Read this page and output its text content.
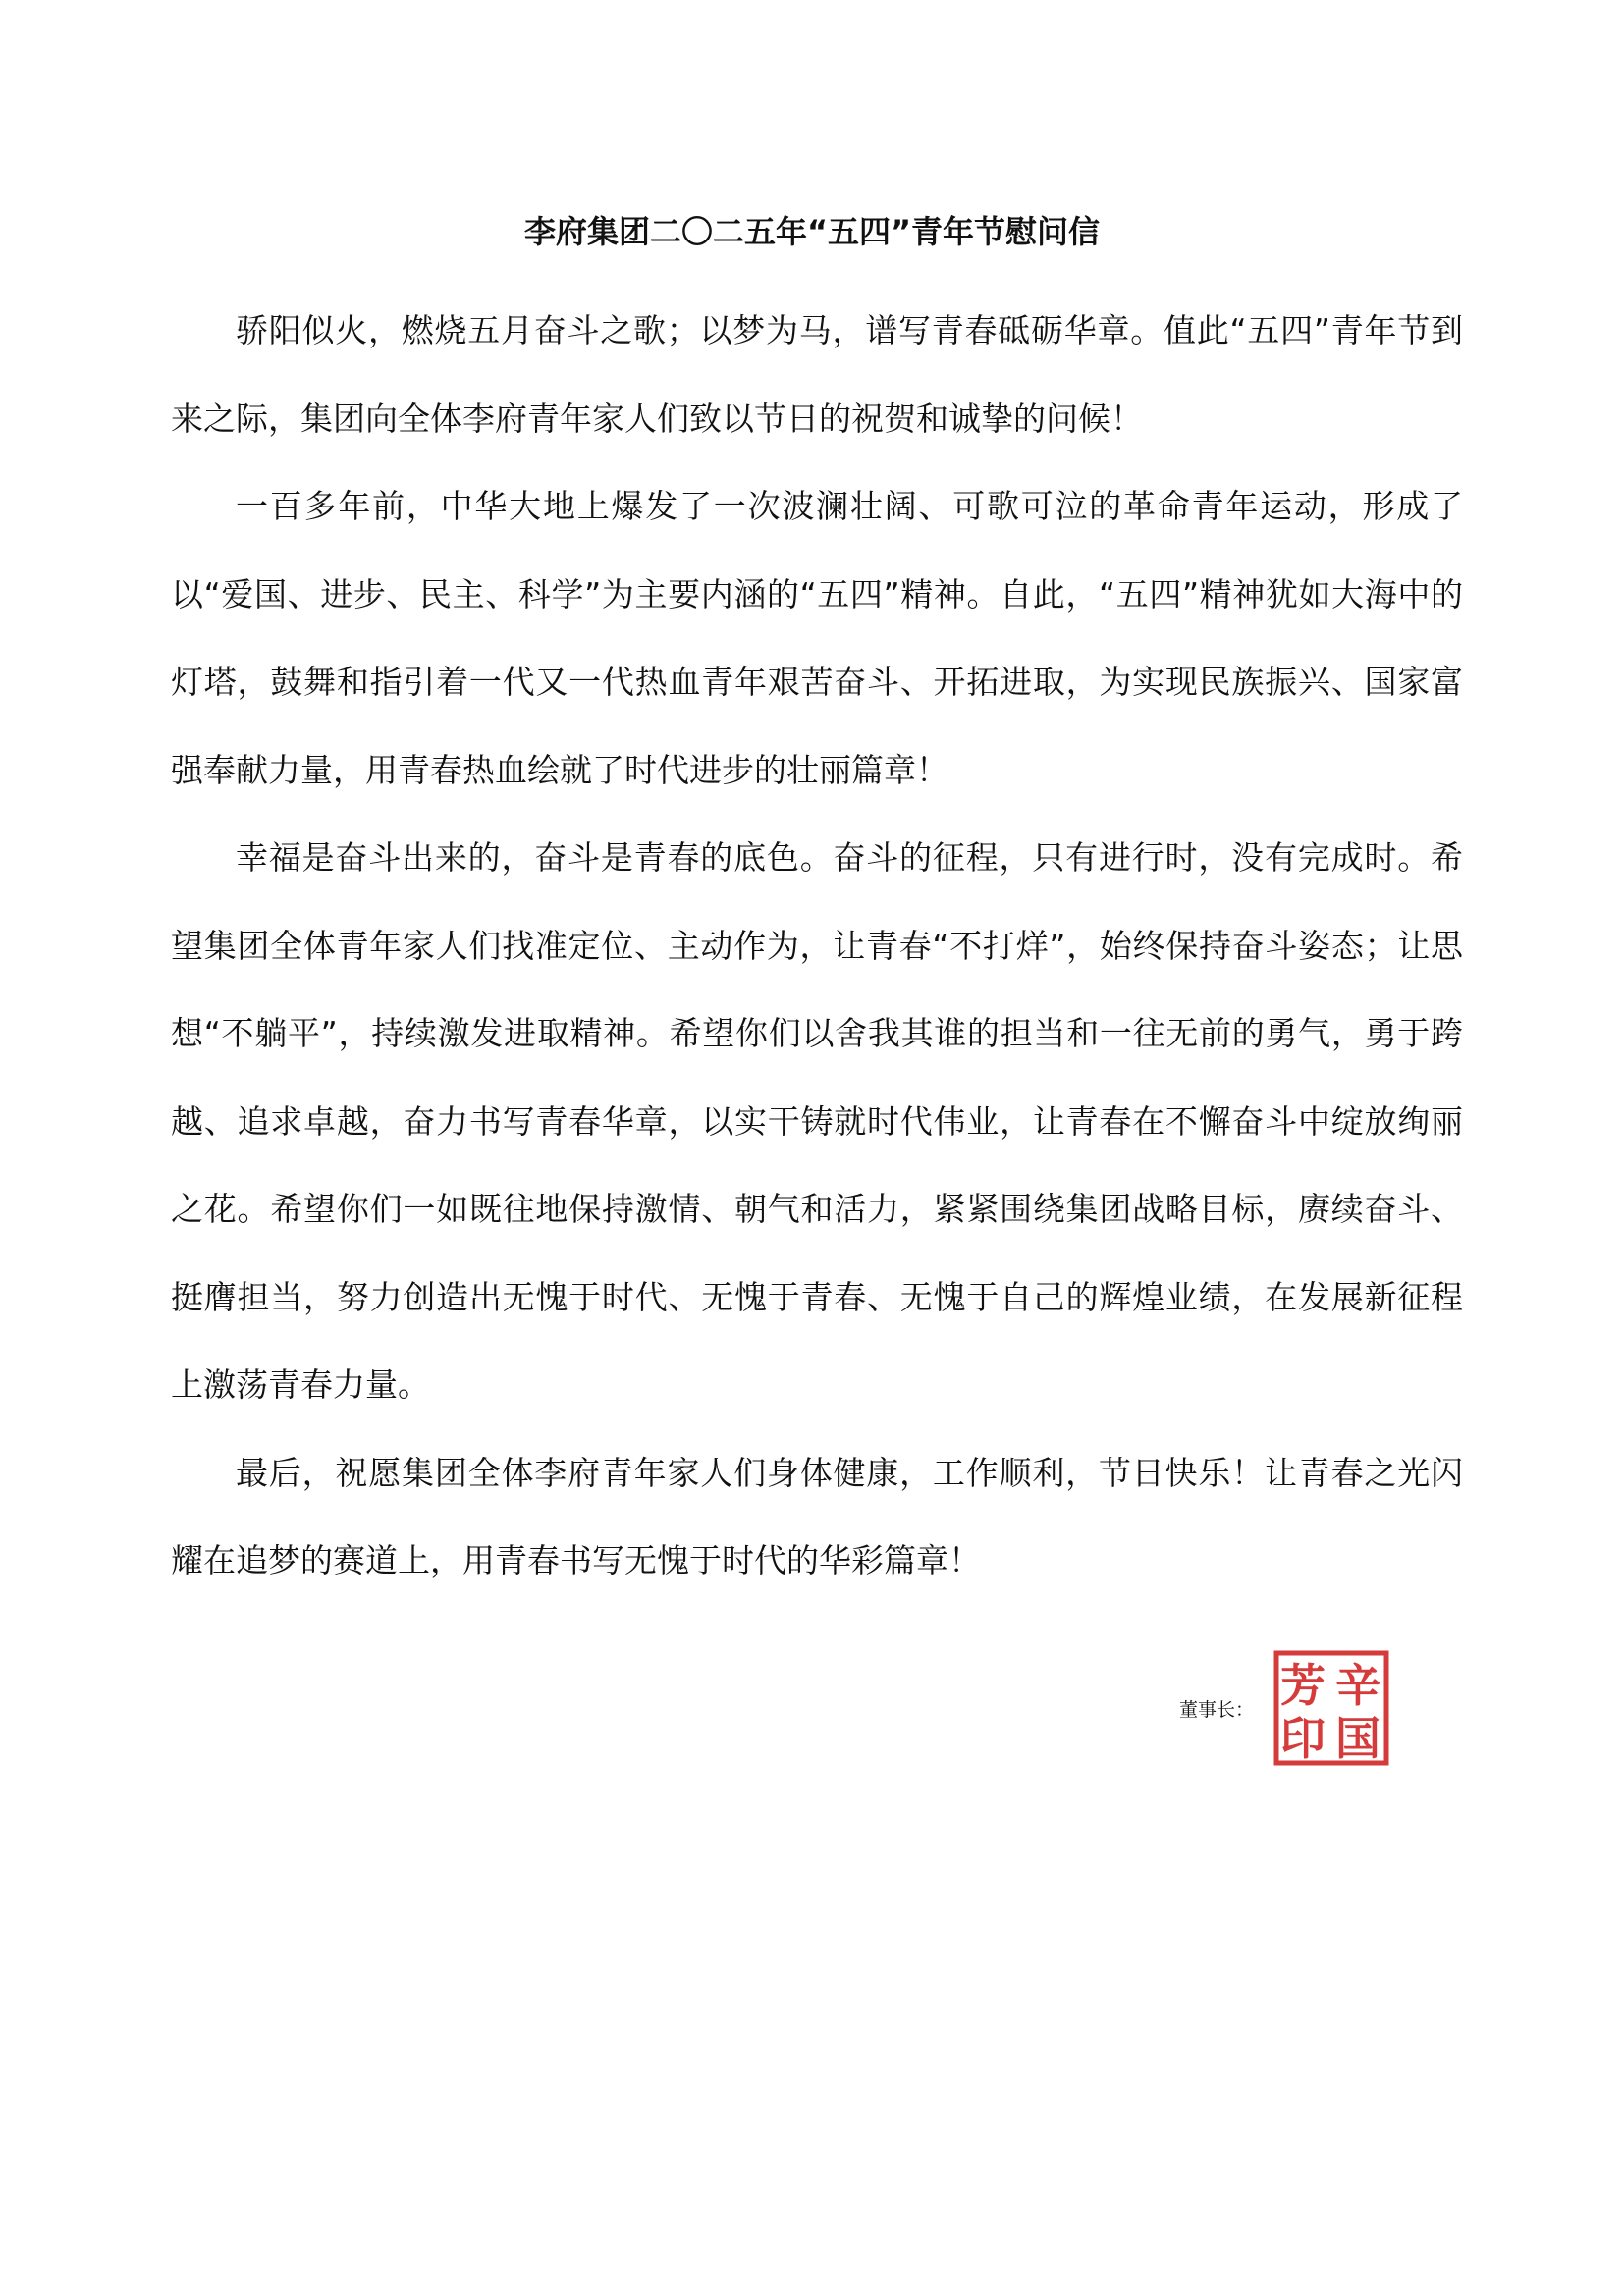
李府集团二〇二五年“五四”青年节慰问信

骄阳似火，燃烧五月奋斗之歌；以梦为马，谱写青春砥砺华章。值此“五四”青年节到来之际，集团向全体李府青年家人们致以节日的祝贺和诚挚的问候！

一百多年前，中华大地上爆发了一次波澜壮阔、可歌可泣的革命青年运动，形成了以“爱国、进步、民主、科学”为主要内涵的“五四”精神。自此，“五四”精神犹如大海中的灯塔，鼓舞和指引着一代又一代热血青年艰苦奋斗、开拓进取，为实现民族振兴、国家富强奉献力量，用青春热血绘就了时代进步的壮丽篇章！

幸福是奋斗出来的，奋斗是青春的底色。奋斗的征程，只有进行时，没有完成时。希望集团全体青年家人们找准定位、主动作为，让青春“不打烊”，始终保持奋斗姿态；让思想“不躺平”，持续激发进取精神。希望你们以舍我其谁的担当和一往无前的勇气，勇于跨越、追求卓越，奋力书写青春华章，以实干铸就时代伟业，让青春在不懈奋斗中绽放绚丽之花。希望你们一如既往地保持激情、朝气和活力，紧紧围绕集团战略目标，赓续奋斗、挺膺担当，努力创造出无愧于时代、无愧于青春、无愧于自己的辉煌业绩，在发展新征程上激荡青春力量。

最后，祝愿集团全体李府青年家人们身体健康，工作顺利，节日快乐！让青春之光闪耀在追梦的赛道上，用青春书写无愧于时代的华彩篇章！

董事长： 芳 辛
印 国
